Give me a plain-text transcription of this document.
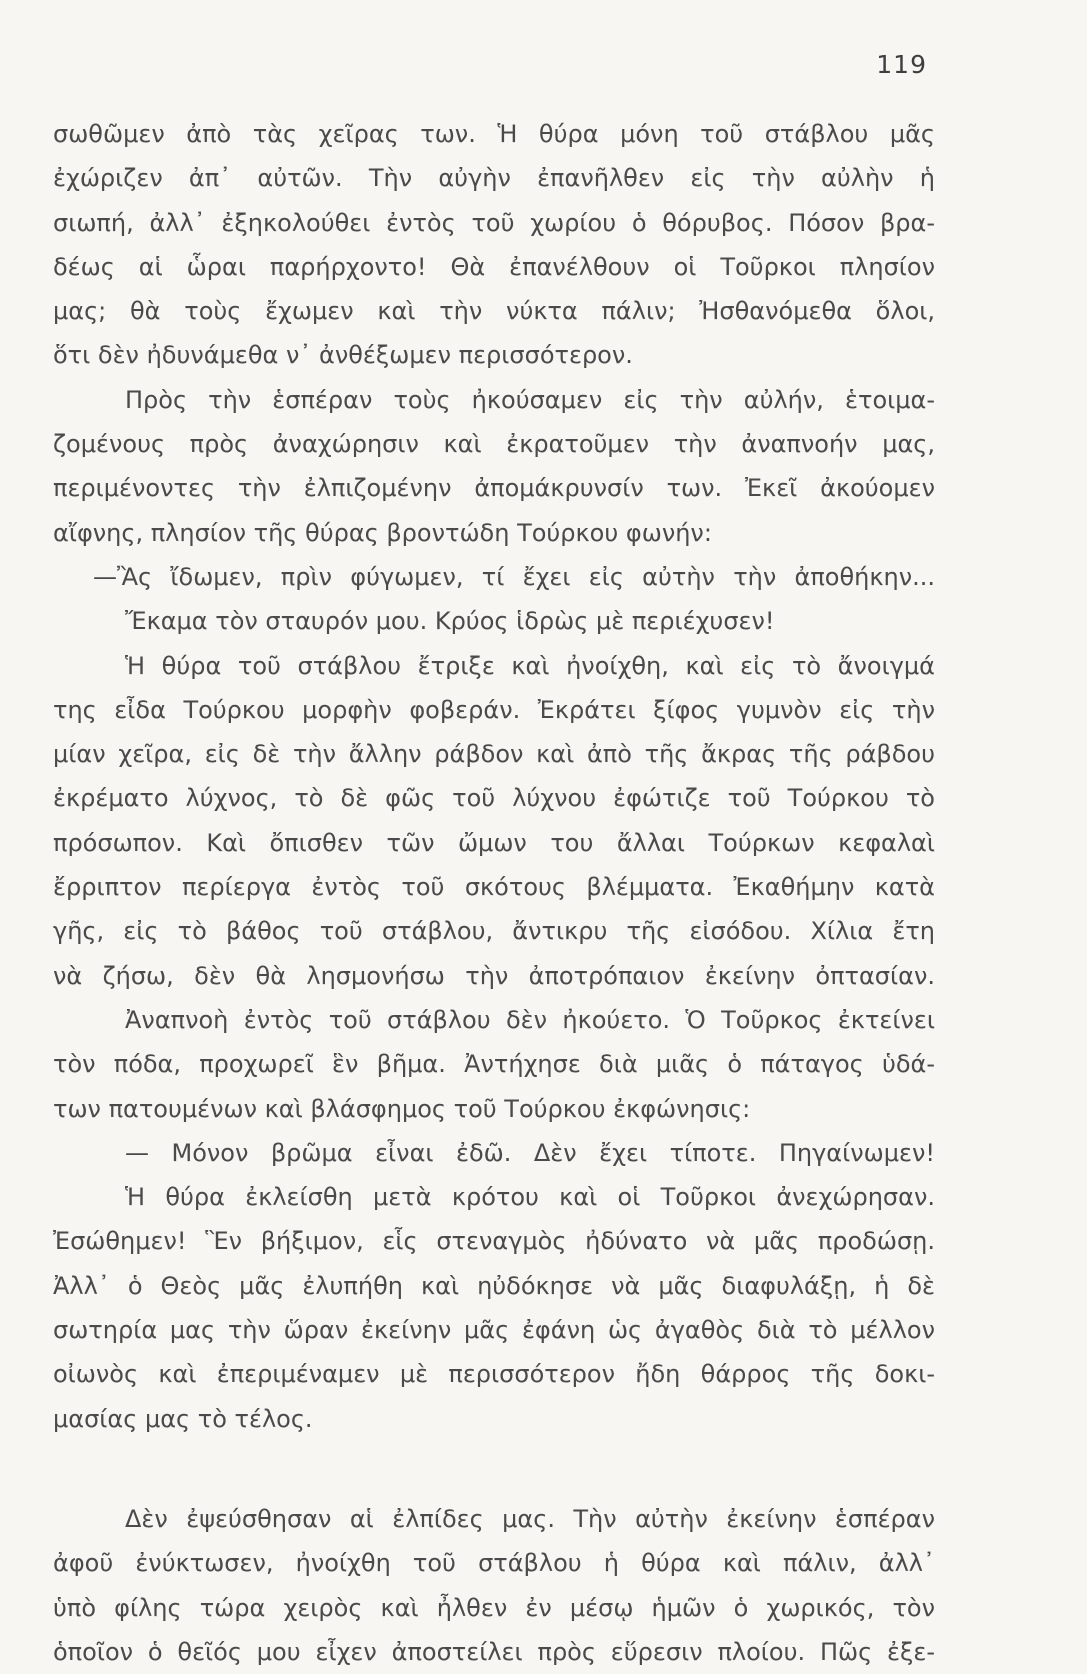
119
σωθῶμεν ἀπὸ τὰς χεῖρας των. Ἡ θύρα μόνη τοῦ στάβλου μᾶς
ἐχώριζεν ἀπ᾽ αὐτῶν. Τὴν αὐγὴν ἐπανῆλθεν εἰς τὴν αὐλὴν ἡ
σιωπή, ἀλλ᾽ ἐξηκολούθει ἐντὸς τοῦ χωρίου ὁ θόρυβος. Πόσον βρα-
δέως αἱ ὧραι παρήρχοντο! Θὰ ἐπανέλθουν οἱ Τοῦρκοι πλησίον
μας; θὰ τοὺς ἔχωμεν καὶ τὴν νύκτα πάλιν; Ἠσθανόμεθα ὅλοι,
ὅτι δὲν ἠδυνάμεθα ν᾽ ἀνθέξωμεν περισσότερον.
Πρὸς τὴν ἑσπέραν τοὺς ἠκούσαμεν εἰς τὴν αὐλήν, ἑτοιμα-
ζομένους πρὸς ἀναχώρησιν καὶ ἐκρατοῦμεν τὴν ἀναπνοήν μας,
περιμένοντες τὴν ἐλπιζομένην ἀπομάκρυνσίν των. Ἐκεῖ ἀκούομεν
αἴφνης, πλησίον τῆς θύρας βροντώδη Τούρκου φωνήν:
—Ἂς ἴδωμεν, πρὶν φύγωμεν, τί ἔχει εἰς αὐτὴν τὴν ἀποθήκην...
Ἔκαμα τὸν σταυρόν μου. Κρύος ἱδρὼς μὲ περιέχυσεν!
Ἡ θύρα τοῦ στάβλου ἔτριξε καὶ ἠνοίχθη, καὶ εἰς τὸ ἄνοιγμά
της εἶδα Τούρκου μορφὴν φοβεράν. Ἐκράτει ξίφος γυμνὸν εἰς τὴν
μίαν χεῖρα, εἰς δὲ τὴν ἄλλην ράβδον καὶ ἀπὸ τῆς ἄκρας τῆς ράβδου
ἐκρέματο λύχνος, τὸ δὲ φῶς τοῦ λύχνου ἐφώτιζε τοῦ Τούρκου τὸ
πρόσωπον. Καὶ ὄπισθεν τῶν ὤμων του ἄλλαι Τούρκων κεφαλαὶ
ἔρριπτον περίεργα ἐντὸς τοῦ σκότους βλέμματα. Ἐκαθήμην κατὰ
γῆς, εἰς τὸ βάθος τοῦ στάβλου, ἄντικρυ τῆς εἰσόδου. Χίλια ἔτη
νὰ ζήσω, δὲν θὰ λησμονήσω τὴν ἀποτρόπαιον ἐκείνην ὀπτασίαν.
Ἀναπνοὴ ἐντὸς τοῦ στάβλου δὲν ἠκούετο. Ὁ Τοῦρκος ἐκτείνει
τὸν πόδα, προχωρεῖ ἓν βῆμα. Ἀντήχησε διὰ μιᾶς ὁ πάταγος ὑδά-
των πατουμένων καὶ βλάσφημος τοῦ Τούρκου ἐκφώνησις:
— Μόνον βρῶμα εἶναι ἐδῶ. Δὲν ἔχει τίποτε. Πηγαίνωμεν!
Ἡ θύρα ἐκλείσθη μετὰ κρότου καὶ οἱ Τοῦρκοι ἀνεχώρησαν.
Ἐσώθημεν! Ἓν βήξιμον, εἷς στεναγμὸς ἠδύνατο νὰ μᾶς προδώσῃ.
Ἀλλ᾽ ὁ Θεὸς μᾶς ἐλυπήθη καὶ ηὐδόκησε νὰ μᾶς διαφυλάξῃ, ἡ δὲ
σωτηρία μας τὴν ὥραν ἐκείνην μᾶς ἐφάνη ὡς ἀγαθὸς διὰ τὸ μέλλον
οἰωνὸς καὶ ἐπεριμέναμεν μὲ περισσότερον ἤδη θάρρος τῆς δοκι-
μασίας μας τὸ τέλος.
Δὲν ἐψεύσθησαν αἱ ἐλπίδες μας. Τὴν αὐτὴν ἐκείνην ἑσπέραν
ἀφοῦ ἐνύκτωσεν, ἠνοίχθη τοῦ στάβλου ἡ θύρα καὶ πάλιν, ἀλλ᾽
ὑπὸ φίλης τώρα χειρὸς καὶ ἦλθεν ἐν μέσῳ ἡμῶν ὁ χωρικός, τὸν
ὁποῖον ὁ θεῖός μου εἶχεν ἀποστείλει πρὸς εὕρεσιν πλοίου. Πῶς ἐξε-
